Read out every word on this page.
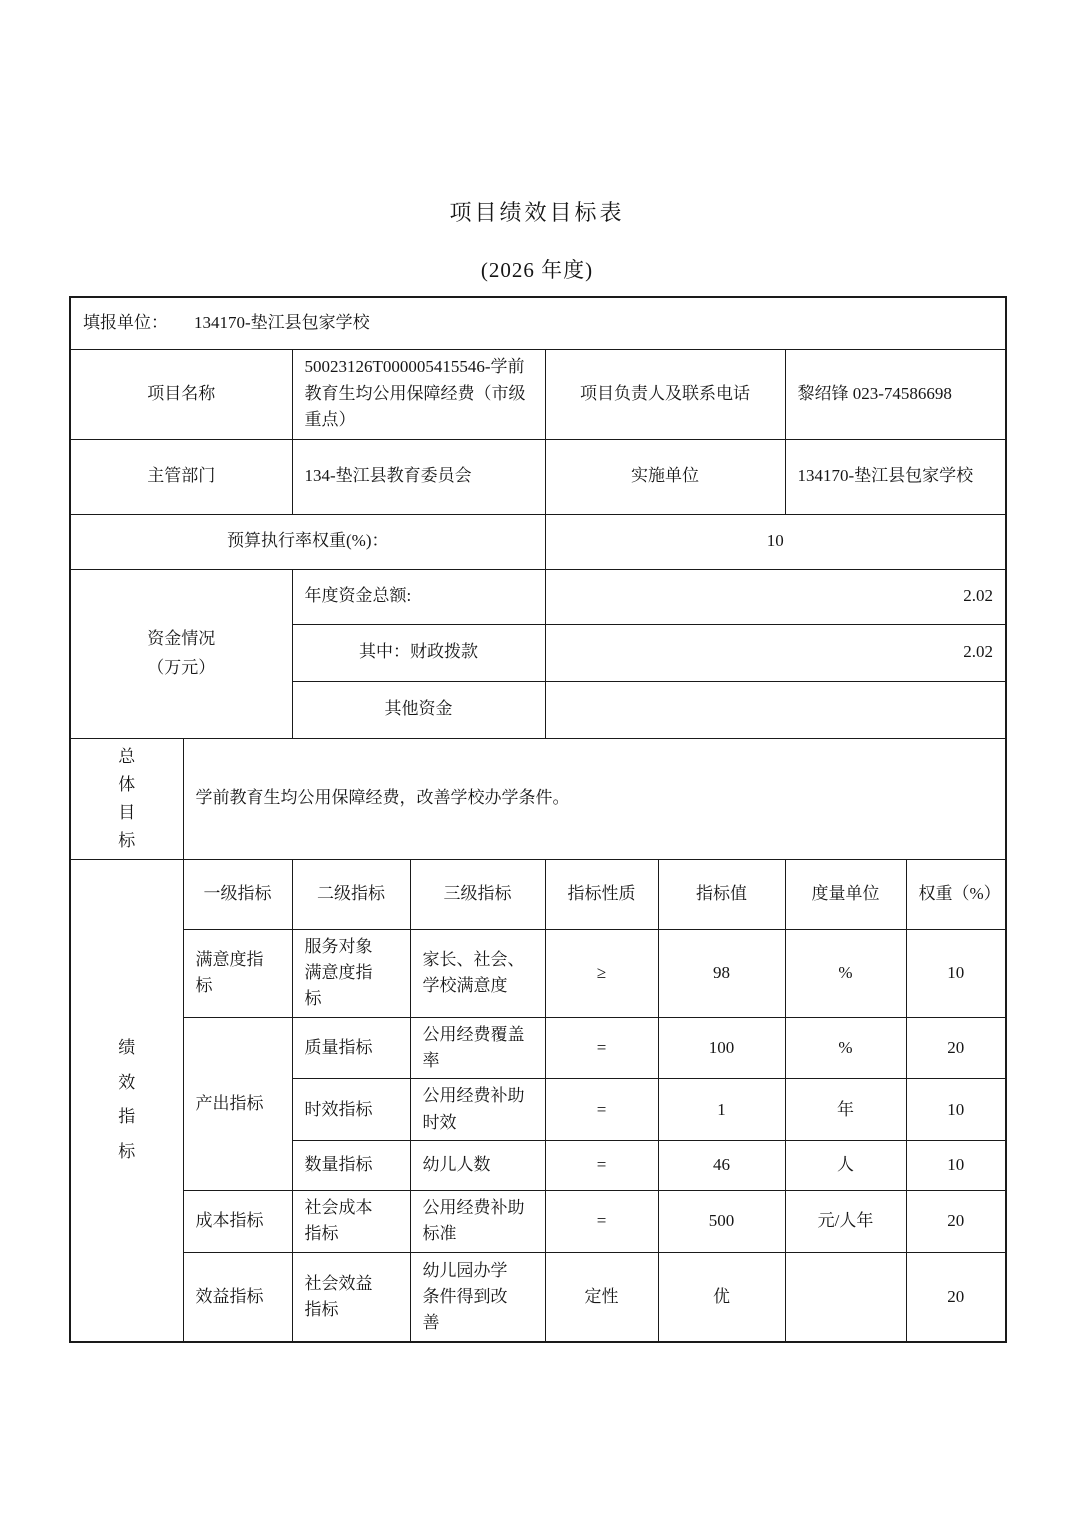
项目绩效目标表
(2026 年度)
填报单位： 134170-垫江县包家学校							
项目名称		50023126T000005415546-学前教育生均公用保障经费（市级重点）		项目负责人及联系电话		黎绍锋 023-74586698	
主管部门		134-垫江县教育委员会		实施单位		134170-垫江县包家学校	
预算执行率权重(%)：				10			

资金情况
（万元）		年度资金总额:		2.02			
		其中：财政拨款		2.02			
		其他资金					

总体目标	学前教育生均公用保障经费，改善学校办学条件。						

绩效指标	一级指标	二级指标	三级指标	指标性质	指标值	度量单位	权重（%）
	满意度指标	服务对象满意度指标	家长、社会、学校满意度	≥	98	%	10
	产出指标	质量指标	公用经费覆盖率	=	100	%	20
		时效指标	公用经费补助时效	=	1	年	10
		数量指标	幼儿人数	=	46	人	10
	成本指标	社会成本指标	公用经费补助标准	=	500	元/人年	20
	效益指标	社会效益指标	幼儿园办学条件得到改善	定性	优		20
